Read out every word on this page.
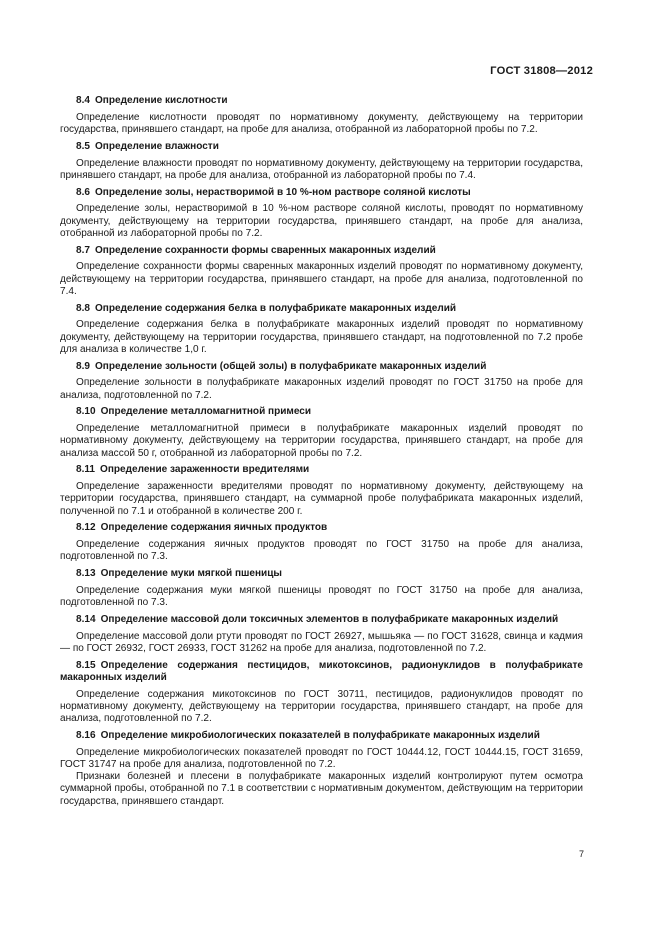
ГОСТ 31808—2012

8.4 Определение кислотности

Определение кислотности проводят по нормативному документу, действующему на территории государства, принявшего стандарт, на пробе для анализа, отобранной из лабораторной пробы по 7.2.

8.5 Определение влажности

Определение влажности проводят по нормативному документу, действующему на территории государства, принявшего стандарт, на пробе для анализа, отобранной из лабораторной пробы по 7.4.

8.6 Определение золы, нерастворимой в 10 %-ном растворе соляной кислоты

Определение золы, нерастворимой в 10 %-ном растворе соляной кислоты, проводят по нормативному документу, действующему на территории государства, принявшего стандарт, на пробе для анализа, отобранной из лабораторной пробы по 7.2.

8.7 Определение сохранности формы сваренных макаронных изделий

Определение сохранности формы сваренных макаронных изделий проводят по нормативному документу, действующему на территории государства, принявшего стандарт, на пробе для анализа, подготовленной по 7.4.

8.8 Определение содержания белка в полуфабрикате макаронных изделий

Определение содержания белка в полуфабрикате макаронных изделий проводят по нормативному документу, действующему на территории государства, принявшего стандарт, на подготовленной по 7.2 пробе для анализа в количестве 1,0 г.

8.9 Определение зольности (общей золы) в полуфабрикате макаронных изделий

Определение зольности в полуфабрикате макаронных изделий проводят по ГОСТ 31750 на пробе для анализа, подготовленной по 7.2.

8.10 Определение металломагнитной примеси

Определение металломагнитной примеси в полуфабрикате макаронных изделий проводят по нормативному документу, действующему на территории государства, принявшего стандарт, на пробе для анализа массой 50 г, отобранной из лабораторной пробы по 7.2.

8.11 Определение зараженности вредителями

Определение зараженности вредителями проводят по нормативному документу, действующему на территории государства, принявшего стандарт, на суммарной пробе полуфабриката макаронных изделий, полученной по 7.1 и отобранной в количестве 200 г.

8.12 Определение содержания яичных продуктов

Определение содержания яичных продуктов проводят по ГОСТ 31750 на пробе для анализа, подготовленной по 7.3.

8.13 Определение муки мягкой пшеницы

Определение содержания муки мягкой пшеницы проводят по ГОСТ 31750 на пробе для анализа, подготовленной по 7.3.

8.14 Определение массовой доли токсичных элементов в полуфабрикате макаронных изделий

Определение массовой доли ртути проводят по ГОСТ 26927, мышьяка — по ГОСТ 31628, свинца и кадмия — по ГОСТ 26932, ГОСТ 26933, ГОСТ 31262 на пробе для анализа, подготовленной по 7.2.

8.15 Определение содержания пестицидов, микотоксинов, радионуклидов в полуфабрикате макаронных изделий

Определение содержания микотоксинов по ГОСТ 30711, пестицидов, радионуклидов проводят по нормативному документу, действующему на территории государства, принявшего стандарт, на пробе для анализа, подготовленной по 7.2.

8.16 Определение микробиологических показателей в полуфабрикате макаронных изделий

Определение микробиологических показателей проводят по ГОСТ 10444.12, ГОСТ 10444.15, ГОСТ 31659, ГОСТ 31747 на пробе для анализа, подготовленной по 7.2.

Признаки болезней и плесени в полуфабрикате макаронных изделий контролируют путем осмотра суммарной пробы, отобранной по 7.1 в соответствии с нормативным документом, действующим на территории государства, принявшего стандарт.

7
